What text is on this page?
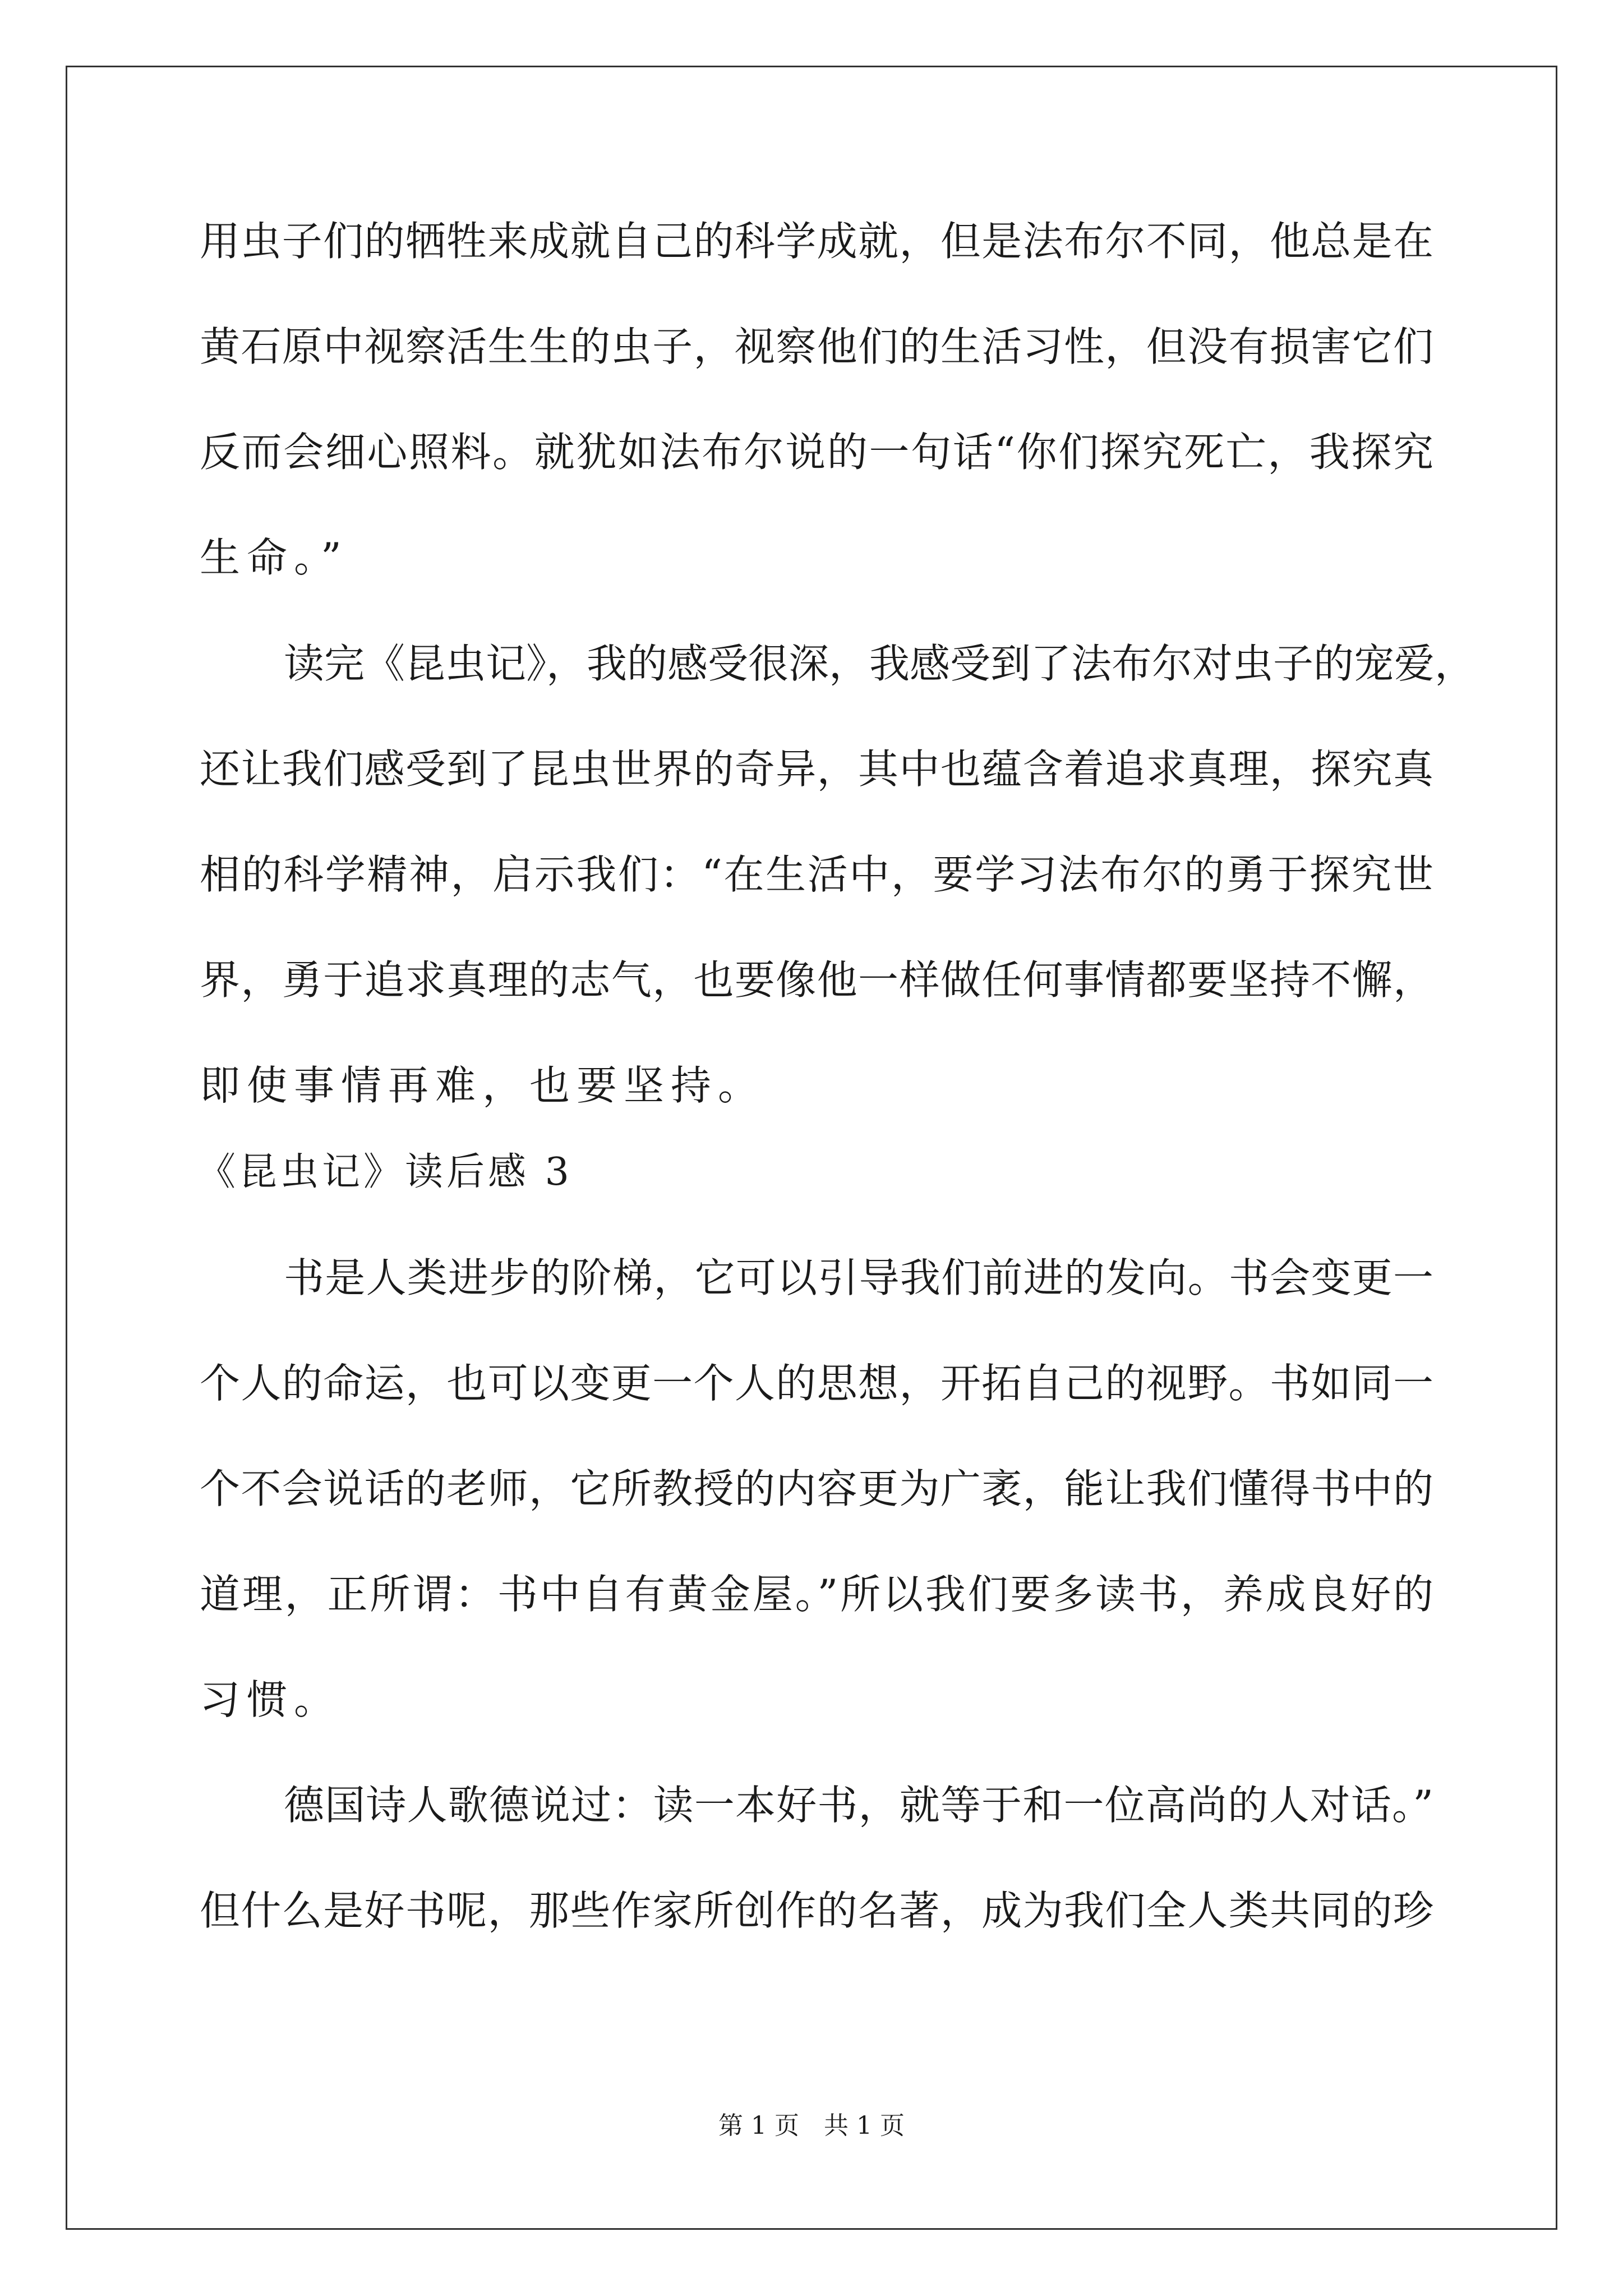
用虫子们的牺牲来成就自己的科学成就，但是法布尔不同，他总是在
黄石原中视察活生生的虫子，视察他们的生活习性，但没有损害它们
反而会细心照料。就犹如法布尔说的一句话“你们探究死亡，我探究
生命。”
读完《昆虫记》，我的感受很深，我感受到了法布尔对虫子的宠爱，
还让我们感受到了昆虫世界的奇异，其中也蕴含着追求真理，探究真
相的科学精神，启示我们：“在生活中，要学习法布尔的勇于探究世
界，勇于追求真理的志气，也要像他一样做任何事情都要坚持不懈，
即使事情再难，也要坚持。
《昆虫记》读后感 3
书是人类进步的阶梯，它可以引导我们前进的发向。书会变更一
个人的命运，也可以变更一个人的思想，开拓自己的视野。书如同一
个不会说话的老师，它所教授的内容更为广袤，能让我们懂得书中的
道理，正所谓：书中自有黄金屋。”所以我们要多读书，养成良好的
习惯。
德国诗人歌德说过：读一本好书，就等于和一位高尚的人对话。”
但什么是好书呢，那些作家所创作的名著，成为我们全人类共同的珍
第 1 页　共 1 页
